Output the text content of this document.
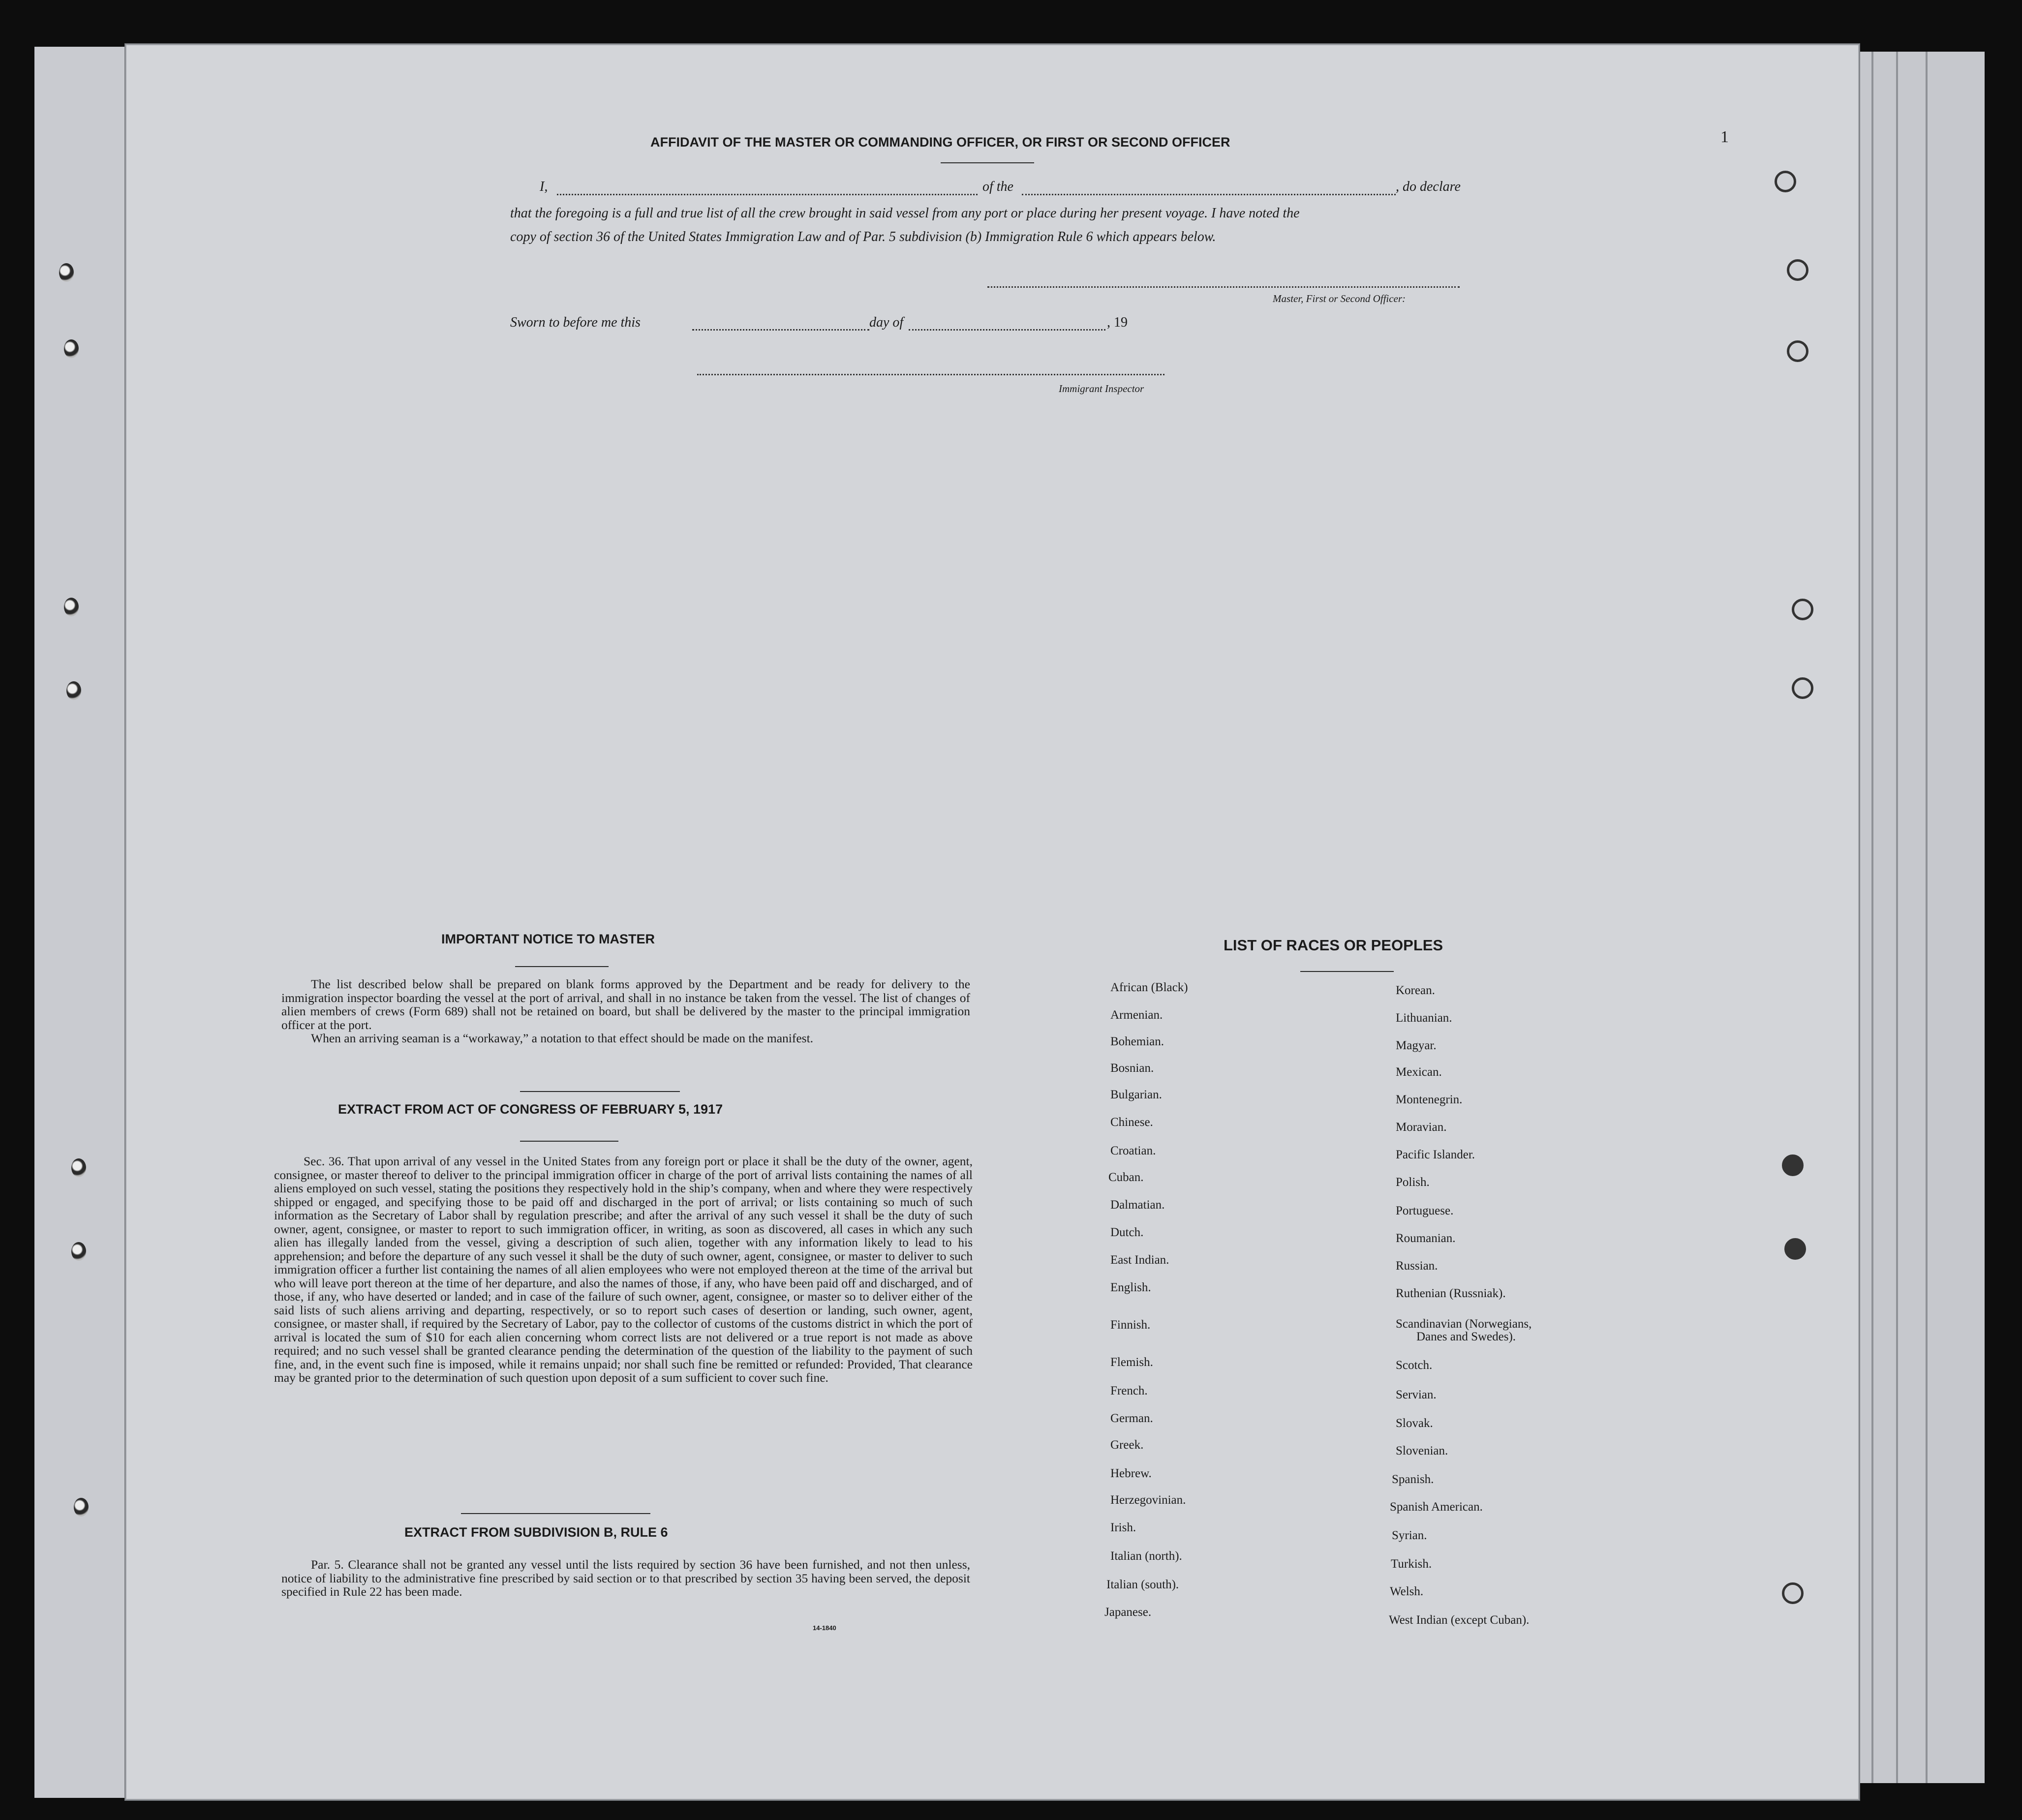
AFFIDAVIT OF THE MASTER OR COMMANDING OFFICER, OR FIRST OR SECOND OFFICER	1
I,	of the	, do declare
that the foregoing is a full and true list of all the crew brought in said vessel from any port or place during her present voyage. I have noted the
copy of section 36 of the United States Immigration Law and of Par. 5 subdivision (b) Immigration Rule 6 which appears below.
Master, First or Second Officer:
Sworn to before me this	day of	, 19
Immigrant Inspector
IMPORTANT NOTICE TO MASTER

The list described below shall be prepared on blank forms approved by the Department and be ready for delivery to the immigration inspector boarding the vessel at the port of arrival, and shall in no instance be taken from the vessel. The list of changes of alien members of crews (Form 689) shall not be retained on board, but shall be delivered by the master to the principal immigration officer at the port.

When an arriving seaman is a “workaway,” a notation to that effect should be made on the manifest.

EXTRACT FROM ACT OF CONGRESS OF FEBRUARY 5, 1917

Sec. 36. That upon arrival of any vessel in the United States from any foreign port or place it shall be the duty of the owner, agent, consignee, or master thereof to deliver to the principal immigration officer in charge of the port of arrival lists containing the names of all aliens employed on such vessel, stating the positions they respectively hold in the ship’s company, when and where they were respectively shipped or engaged, and specifying those to be paid off and discharged in the port of arrival; or lists containing so much of such information as the Secretary of Labor shall by regulation prescribe; and after the arrival of any such vessel it shall be the duty of such owner, agent, consignee, or master to report to such immigration officer, in writing, as soon as discovered, all cases in which any such alien has illegally landed from the vessel, giving a description of such alien, together with any information likely to lead to his apprehension; and before the departure of any such vessel it shall be the duty of such owner, agent, consignee, or master to deliver to such immigration officer a further list containing the names of all alien employees who were not employed thereon at the time of the arrival but who will leave port thereon at the time of her departure, and also the names of those, if any, who have been paid off and discharged, and of those, if any, who have deserted or landed; and in case of the failure of such owner, agent, consignee, or master so to deliver either of the said lists of such aliens arriving and departing, respectively, or so to report such cases of desertion or landing, such owner, agent, consignee, or master shall, if required by the Secretary of Labor, pay to the collector of customs of the customs district in which the port of arrival is located the sum of $10 for each alien concerning whom correct lists are not delivered or a true report is not made as above required; and no such vessel shall be granted clearance pending the determination of the question of the liability to the payment of such fine, and, in the event such fine is imposed, while it remains unpaid; nor shall such fine be remitted or refunded: Provided, That clearance may be granted prior to the determination of such question upon deposit of a sum sufficient to cover such fine.

EXTRACT FROM SUBDIVISION B, RULE 6

Par. 5. Clearance shall not be granted any vessel until the lists required by section 36 have been furnished, and not then unless, notice of liability to the administrative fine prescribed by said section or to that prescribed by section 35 having been served, the deposit specified in Rule 22 has been made.

14-1840
LIST OF RACES OR PEOPLES
African (Black)
Armenian.
Bohemian.
Bosnian.
Bulgarian.
Chinese.
Croatian.
Cuban.
Dalmatian.
Dutch.
East Indian.
English.
Finnish.
Flemish.
French.
German.
Greek.
Hebrew.
Herzegovinian.
Irish.
Italian (north).
Italian (south).
Japanese.
Korean.
Lithuanian.
Magyar.
Mexican.
Montenegrin.
Moravian.
Pacific Islander.
Polish.
Portuguese.
Roumanian.
Russian.
Ruthenian (Russniak).
Scandinavian (Norwegians,
Danes and Swedes).
Scotch.
Servian.
Slovak.
Slovenian.
Spanish.
Spanish American.
Syrian.
Turkish.
Welsh.
West Indian (except Cuban).
